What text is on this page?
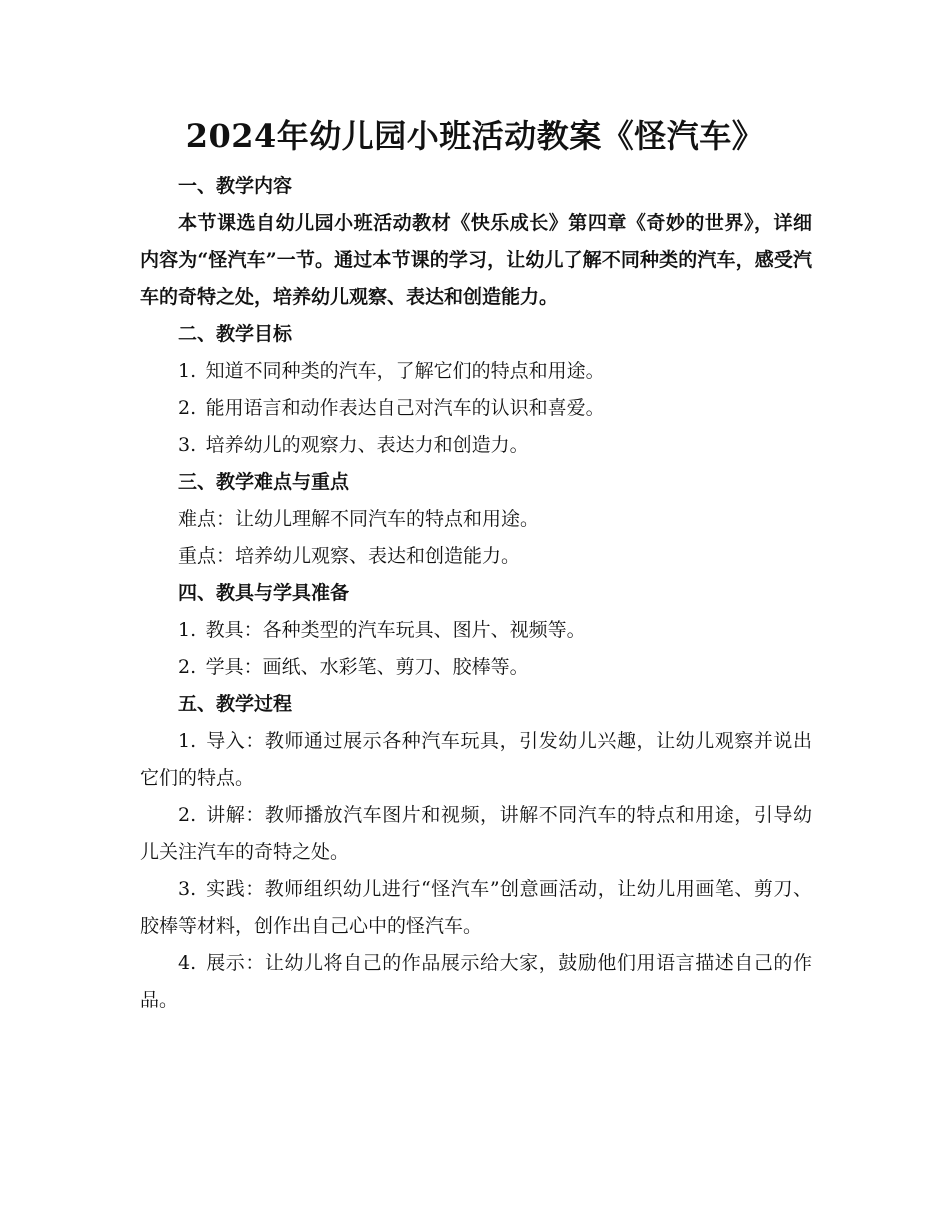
2024年幼儿园小班活动教案《怪汽车》

一、教学内容

本节课选自幼儿园小班活动教材《快乐成长》第四章《奇妙的世界》，详细内容为“怪汽车”一节。通过本节课的学习，让幼儿了解不同种类的汽车，感受汽车的奇特之处，培养幼儿观察、表达和创造能力。

二、教学目标

1. 知道不同种类的汽车，了解它们的特点和用途。

2. 能用语言和动作表达自己对汽车的认识和喜爱。

3. 培养幼儿的观察力、表达力和创造力。

三、教学难点与重点

难点：让幼儿理解不同汽车的特点和用途。

重点：培养幼儿观察、表达和创造能力。

四、教具与学具准备

1. 教具：各种类型的汽车玩具、图片、视频等。

2. 学具：画纸、水彩笔、剪刀、胶棒等。

五、教学过程

1. 导入：教师通过展示各种汽车玩具，引发幼儿兴趣，让幼儿观察并说出它们的特点。

2. 讲解：教师播放汽车图片和视频，讲解不同汽车的特点和用途，引导幼儿关注汽车的奇特之处。

3. 实践：教师组织幼儿进行“怪汽车”创意画活动，让幼儿用画笔、剪刀、胶棒等材料，创作出自己心中的怪汽车。

4. 展示：让幼儿将自己的作品展示给大家，鼓励他们用语言描述自己的作品。
